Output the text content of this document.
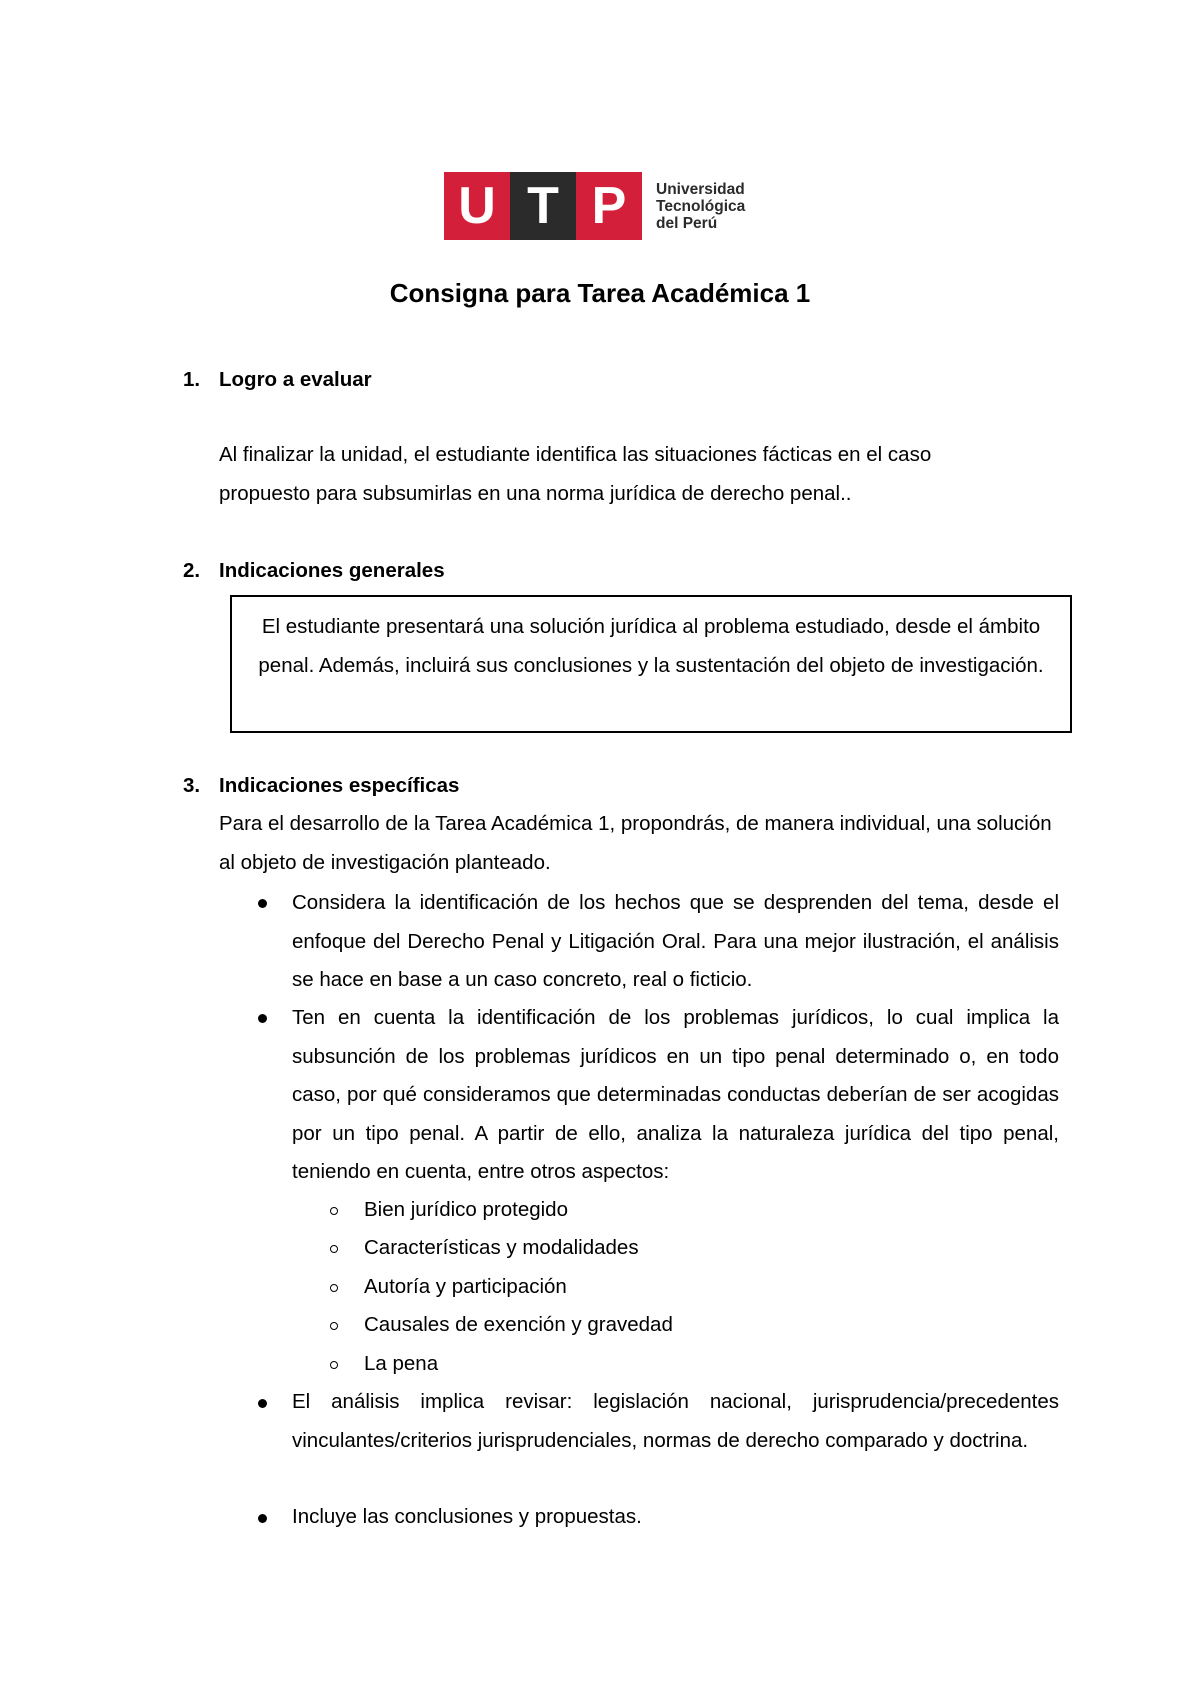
U T P	Universidad
Tecnológica
del Perú
Consigna para Tarea Académica 1
1. Logro a evaluar

Al finalizar la unidad, el estudiante identifica las situaciones fácticas en el caso propuesto para subsumirlas en una norma jurídica de derecho penal..

2. Indicaciones generales

El estudiante presentará una solución jurídica al problema estudiado, desde el ámbito penal. Además, incluirá sus conclusiones y la sustentación del objeto de investigación.
3. Indicaciones específicas

Para el desarrollo de la Tarea Académica 1, propondrás, de manera individual, una solución al objeto de investigación planteado.

Considera la identificación de los hechos que se desprenden del tema, desde el enfoque del Derecho Penal y Litigación Oral. Para una mejor ilustración, el análisis se hace en base a un caso concreto, real o ficticio.

Ten en cuenta la identificación de los problemas jurídicos, lo cual implica la subsunción de los problemas jurídicos en un tipo penal determinado o, en todo caso, por qué consideramos que determinadas conductas deberían de ser acogidas por un tipo penal. A partir de ello, analiza la naturaleza jurídica del tipo penal, teniendo en cuenta, entre otros aspectos:

Bien jurídico protegido

Características y modalidades

Autoría y participación

Causales de exención y gravedad

La pena

El análisis implica revisar: legislación nacional, jurisprudencia/precedentes vinculantes/criterios jurisprudenciales, normas de derecho comparado y doctrina.

Incluye las conclusiones y propuestas.
